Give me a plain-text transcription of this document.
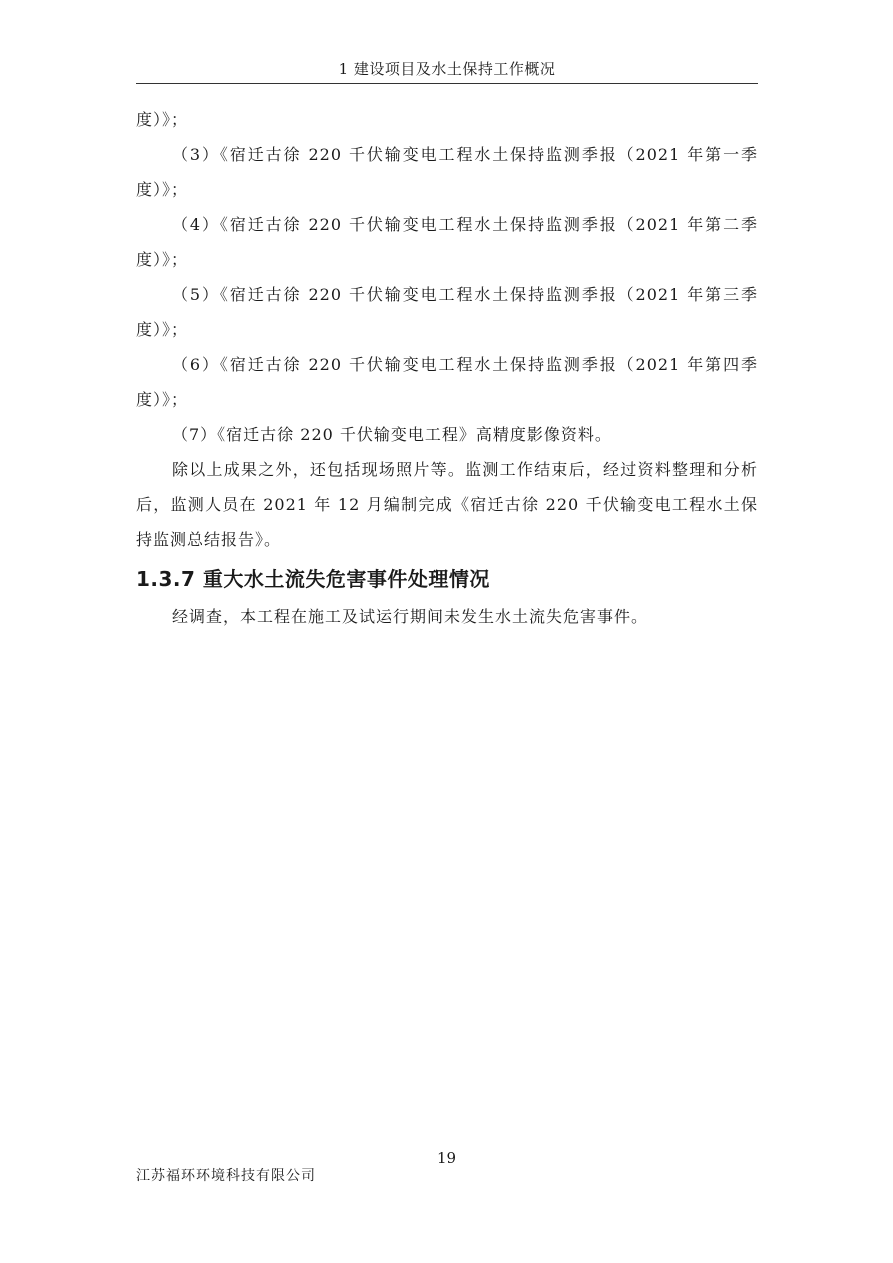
1 建设项目及水土保持工作概况

度）》；

（3）《宿迁古徐 220 千伏输变电工程水土保持监测季报（2021 年第一季度）》；

（4）《宿迁古徐 220 千伏输变电工程水土保持监测季报（2021 年第二季度）》；

（5）《宿迁古徐 220 千伏输变电工程水土保持监测季报（2021 年第三季度）》；

（6）《宿迁古徐 220 千伏输变电工程水土保持监测季报（2021 年第四季度）》；

（7）《宿迁古徐 220 千伏输变电工程》高精度影像资料。

除以上成果之外，还包括现场照片等。监测工作结束后，经过资料整理和分析后，监测人员在 2021 年 12 月编制完成《宿迁古徐 220 千伏输变电工程水土保持监测总结报告》。

1.3.7 重大水土流失危害事件处理情况

经调查，本工程在施工及试运行期间未发生水土流失危害事件。

19
江苏福环环境科技有限公司
